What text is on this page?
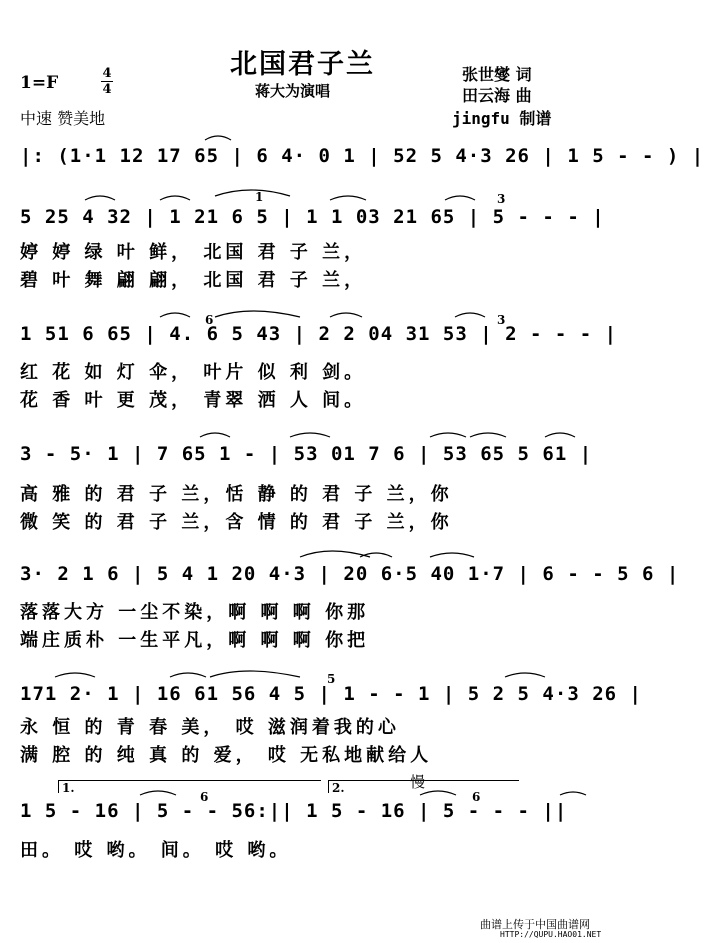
北国君子兰
蒋大为演唱
1=F	4
4
中速 赞美地
张世燮 词
田云海 曲
jingfu 制谱
1.	2.	慢
1	3
6	3
5
6	6
|: (1·1 12 17 65 | 6 4· 0 1 | 52 5 4·3 26 | 1 5 - - ) |
5 25 4 32 | 1 21 6 5 | 1 1 03 21 65 | 5 - - - |
1 51 6 65 | 4. 6 5 43 | 2 2 04 31 53 | 2 - - - |
3 - 5· 1 | 7 65 1 - | 53 01 7 6 | 53 65 5 61 |
3· 2 1 6 | 5 4 1 20 4·3 | 20 6·5 40 1·7 | 6 - - 5 6 |
171 2· 1 | 16 61 56 4 5 | 1 - - 1 | 5 2 5 4·3 26 |
1 5 - 16 | 5 - - 56:|| 1 5 - 16 | 5 - - - ||
婷 婷 绿 叶 鲜， 北国 君 子 兰，
碧 叶 舞 翩 翩， 北国 君 子 兰，
红 花 如 灯 伞， 叶片 似 利 剑。
花 香 叶 更 茂， 青翠 洒 人 间。
高 雅 的 君 子 兰，恬 静 的 君 子 兰，你
微 笑 的 君 子 兰，含 情 的 君 子 兰，你
落落大方 一尘不染，啊 啊 啊 你那
端庄质朴 一生平凡，啊 啊 啊 你把
永 恒 的 青 春 美， 哎 滋润着我的心
满 腔 的 纯 真 的 爱， 哎 无私地献给人
田。 哎 哟。 间。 哎 哟。
曲谱上传于中国曲谱网
HTTP://QUPU.HAO01.NET
